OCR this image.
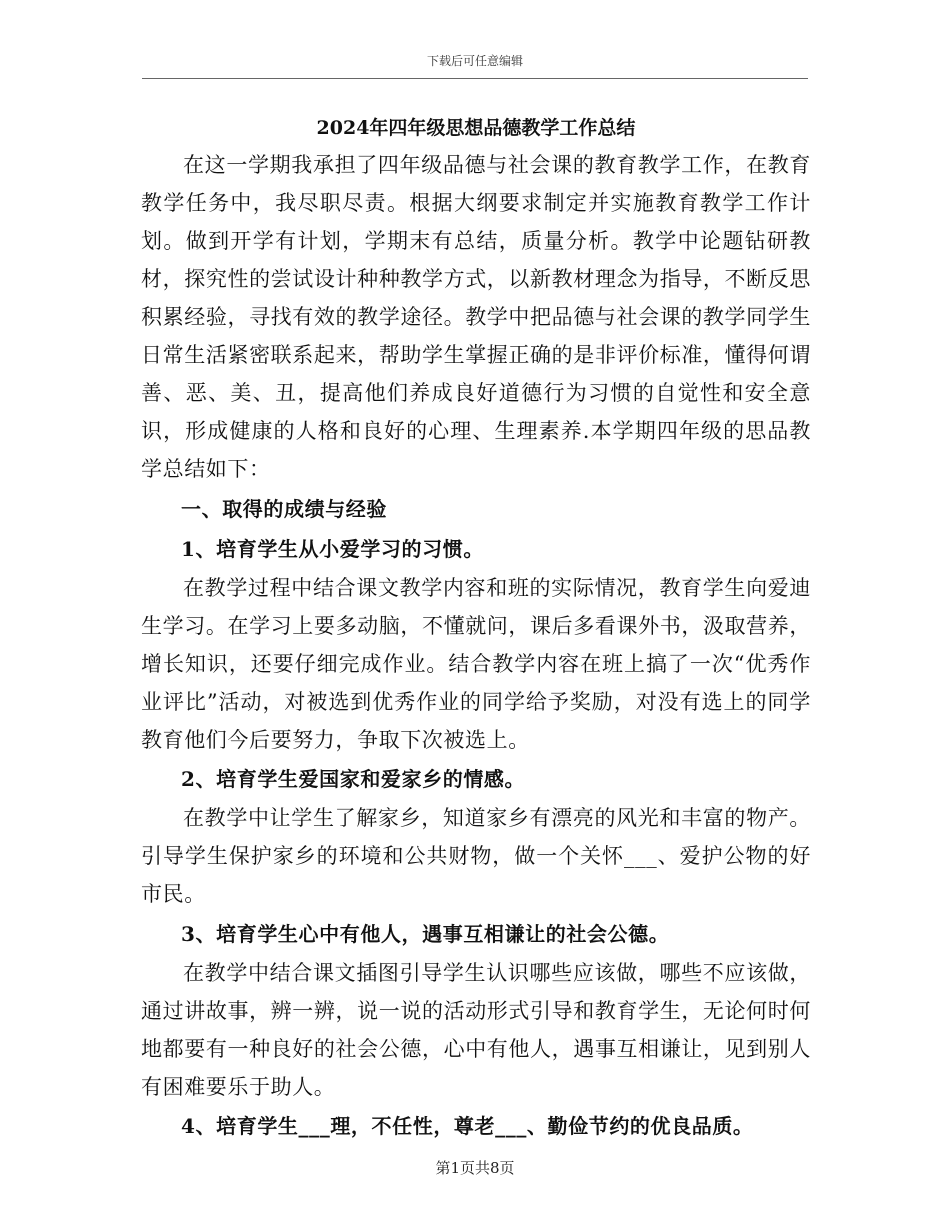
下载后可任意编辑
2024年四年级思想品德教学工作总结

在这一学期我承担了四年级品德与社会课的教育教学工作，在教育教学任务中，我尽职尽责。根据大纲要求制定并实施教育教学工作计划。做到开学有计划，学期末有总结，质量分析。教学中论题钻研教材，探究性的尝试设计种种教学方式，以新教材理念为指导，不断反思积累经验，寻找有效的教学途径。教学中把品德与社会课的教学同学生日常生活紧密联系起来，帮助学生掌握正确的是非评价标准，懂得何谓善、恶、美、丑，提高他们养成良好道德行为习惯的自觉性和安全意识，形成健康的人格和良好的心理、生理素养.本学期四年级的思品教学总结如下：

一、取得的成绩与经验

1、培育学生从小爱学习的习惯。

在教学过程中结合课文教学内容和班的实际情况，教育学生向爱迪生学习。在学习上要多动脑，不懂就问，课后多看课外书，汲取营养，增长知识，还要仔细完成作业。结合教学内容在班上搞了一次“优秀作业评比”活动，对被选到优秀作业的同学给予奖励，对没有选上的同学教育他们今后要努力，争取下次被选上。

2、培育学生爱国家和爱家乡的情感。

在教学中让学生了解家乡，知道家乡有漂亮的风光和丰富的物产。引导学生保护家乡的环境和公共财物，做一个关怀___、爱护公物的好市民。

3、培育学生心中有他人，遇事互相谦让的社会公德。

在教学中结合课文插图引导学生认识哪些应该做，哪些不应该做，通过讲故事，辨一辨，说一说的活动形式引导和教育学生，无论何时何地都要有一种良好的社会公德，心中有他人，遇事互相谦让，见到别人有困难要乐于助人。

4、培育学生___理，不任性，尊老___、勤俭节约的优良品质。

第1页共8页
